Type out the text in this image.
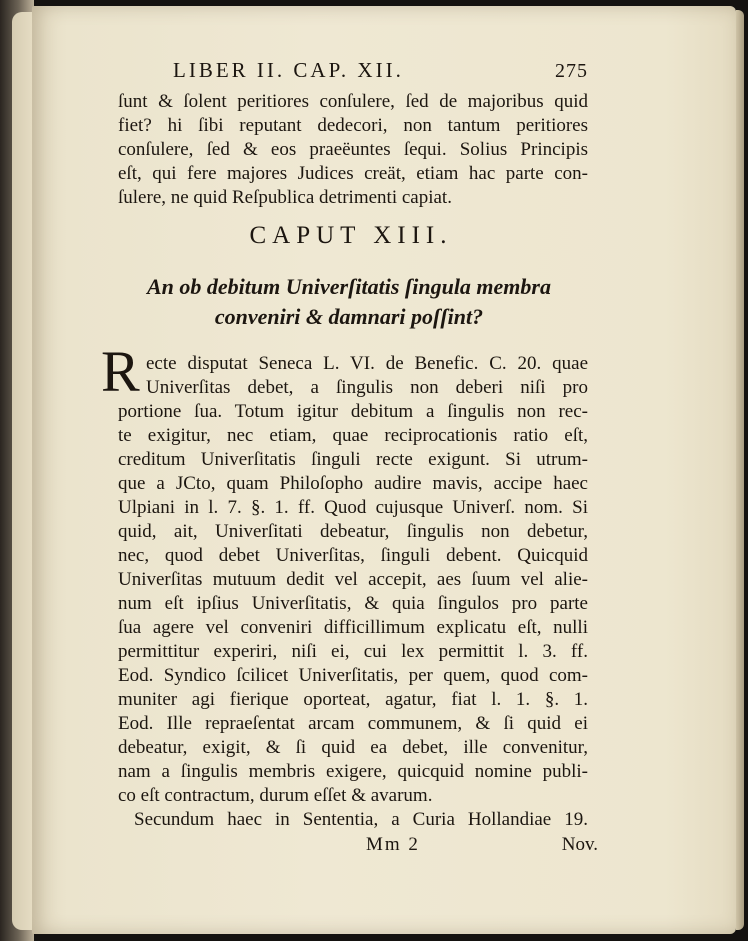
LIBER II. CAP. XII.	275
ſunt & ſolent peritiores conſulere, ſed de majoribus quid
fiet? hi ſibi reputant dedecori, non tantum peritiores
conſulere, ſed & eos praeëuntes ſequi. Solius Principis
eſt, qui fere majores Judices creät, etiam hac parte con-
ſulere, ne quid Reſpublica detrimenti capiat.
CAPUT XIII.
An ob debitum Univerſitatis ſingula membra
conveniri & damnari poſſint?
R ecte disputat Seneca L. VI. de Benefic. C. 20. quae
Univerſitas debet, a ſingulis non deberi niſi pro
portione ſua. Totum igitur debitum a ſingulis non rec-
te exigitur, nec etiam, quae reciprocationis ratio eſt,
creditum Univerſitatis ſinguli recte exigunt. Si utrum-
que a JCto, quam Philoſopho audire mavis, accipe haec
Ulpiani in l. 7. §. 1. ff. Quod cujusque Univerſ. nom. Si
quid, ait, Univerſitati debeatur, ſingulis non debetur,
nec, quod debet Univerſitas, ſinguli debent. Quicquid
Univerſitas mutuum dedit vel accepit, aes ſuum vel alie-
num eſt ipſius Univerſitatis, & quia ſingulos pro parte
ſua agere vel conveniri difficillimum explicatu eſt, nulli
permittitur experiri, niſi ei, cui lex permittit l. 3. ff.
Eod. Syndico ſcilicet Univerſitatis, per quem, quod com-
muniter agi fierique oporteat, agatur, fiat l. 1. §. 1.
Eod. Ille repraeſentat arcam communem, & ſi quid ei
debeatur, exigit, & ſi quid ea debet, ille convenitur,
nam a ſingulis membris exigere, quicquid nomine publi-
co eſt contractum, durum eſſet & avarum.
Secundum haec in Sententia, a Curia Hollandiae 19.
Mm 2	Nov.
